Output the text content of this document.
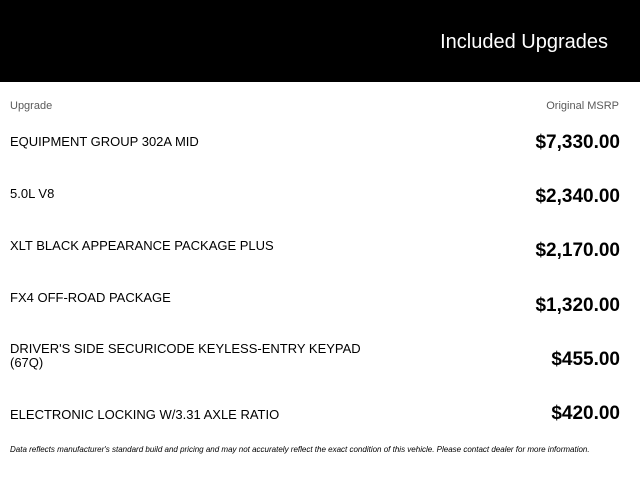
Included Upgrades
Upgrade	Original MSRP
EQUIPMENT GROUP 302A MID	$7,330.00
5.0L V8	$2,340.00
XLT BLACK APPEARANCE PACKAGE PLUS	$2,170.00
FX4 OFF-ROAD PACKAGE	$1,320.00
DRIVER'S SIDE SECURICODE KEYLESS-ENTRY KEYPAD (67Q)	$455.00
ELECTRONIC LOCKING W/3.31 AXLE RATIO	$420.00
Data reflects manufacturer's standard build and pricing and may not accurately reflect the exact condition of this vehicle. Please contact dealer for more information.
